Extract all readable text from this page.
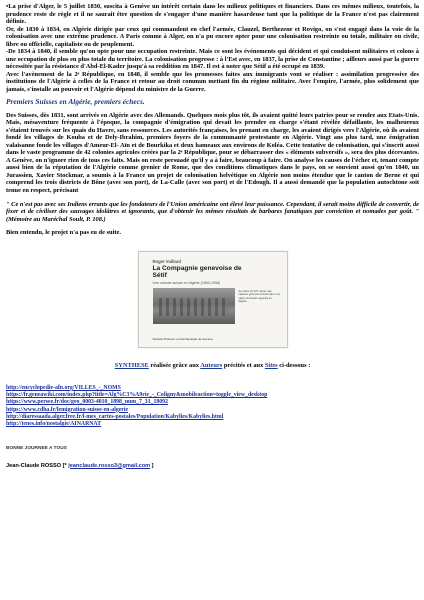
•La prise d'Alger, le 5 juillet 1830, suscita à Genève un intérêt certain dans les milieux politiques et financiers. Dans ces mêmes milieux, toutefois, la prudence reste de règle et il ne saurait être question de s'engager d'une manière hasardeuse tant que la politique de la France n'est pas clairement définie.

Or, de 1830 à 1834, en Algérie dirigée par ceux qui commandent en chef l'armée, Clauzel, Berthezene et Rovigo, on s'est engagé dans la voie de la colonisation avec une extrême prudence. A Paris comme à Alger, on n'a pu encore opter pour une colonisation restreinte ou totale, militaire ou civile, libre ou officielle, capitaliste ou de peuplement.

-De 1834 à 1840, il semble qu'on opte pour une occupation restreinte. Mais ce sont les événements qui décident et qui conduisent militaires et colons à une occupation de plus en plus totale du territoire. La colonisation progresse : à l'Est avec, en 1837, la prise de Constantine ; ailleurs aussi par la guerre nécessitée par la résistance d'Abd-El-Kader jusqu'à sa reddition en 1847. Il est à noter que Sétif a été occupé en 1839.

Avec l'avènement de la 2ᵉ République, en 1848, il semble que les promesses faites aux immigrants vont se réaliser : assimilation progressive des institutions de l'Algérie à celles de la France et retour au droit commun mettant fin du régime militaire. Avec l'empire, l'armée, plus solidement que jamais, s'installe au pouvoir et l'Algérie dépend du ministre de la Guerre.

Premiers Suisses en Algérie, premiers échecs.

Des Suisses, dès 1831, sont arrivés en Algérie avec des Allemands. Quelques mois plus tôt, ils avaient quitté leurs patries pour se rendre aux Etats-Unis. Mais, mésaventure fréquente à l'époque, la compagnie d'émigration qui devait les prendre en charge s'étant révélée défaillante, les malheureux s'étaient trouvés sur les quais du Havre, sans ressources. Les autorités françaises, les prenant en charge, les avaient dirigés vers l'Algérie, où ils avaient fondé les villages de Kouba et de Dely-Ibrahim, premiers foyers de la communauté protestante en Algérie. Vingt ans plus tard, une émigration valaisanne fonde les villages d'Ameur-El- Aïn et de Bourkika et deux hameaux aux environs de Koléa. Cette tentative de colonisation, qui s'inscrit aussi dans le vaste programme de 42 colonies agricoles créées par la 2ᵉ République, pour se débarrasser des « éléments subversifs », sera des plus décevantes. A Genève, on n'ignore rien de tous ces faits. Mais on reste persuadé qu'il y a à faire, beaucoup à faire. On analyse les causes de l'échec et, tenant compte aussi bien de la réputation de l'Algérie comme grenier de Rome, que des conditions climatiques dans le pays, on se souvient aussi qu'en 1840, un Jurassien, Xavier Stockmar, a soumis à la France un projet de colonisation helvétique en Algérie non moins étendue que le canton de Berne et qui comprend les trois districts de Bône (avec son port), de La-Calle (avec son port) et de l'Edough. Il a aussi demandé que la population autochtone soit tenue en respect, précisant

" Ce n'est pas avec ses Indiens errants que les fondateurs de l'Union américaine ont élevé leur puissance. Cependant, il serait moins difficile de convertir, de fixer et de civiliser des sauvages idolâtres et ignorants, que d'obtenir les mêmes résultats de barbares fanatiques par conviction et nomades par goût. " (Mémoire au Maréchal Soult, P. 108.)

Bien entendu, le projet n'a pas eu de suite.

Roger Vuillard
La Compagnie genevoise de Sétif
Une colonie suisse en Algérie (1853-1956)
Au milieu du XIXᵉ siècle, des capitaux genevois investis dans une vaste concession agricole en Algérie…
Société d'histoire et d'archéologie de Genève
SYNTHESE réalisée grâce aux Auteurs précités et aux Sites ci-dessous :
http://encyclopedie-afn.org/VILLES_-_NOMS
https://fr.geneawiki.com/index.php?title=Alg%C3%A9rie_-_Coligny&mobileaction=toggle_view_desktop
https://www.persee.fr/doc/geo_0003-4010_1898_num_7_31_18092
https://www.cdha.fr/lemigration-suisse-en-algerie
http://diaressaada.alger.free.fr/l-mes_cartes-postales/Population/Kabylies/Kabylies.html
http://tenes.info/nostalgie/AINARNAT
BONNE JOURNEE A TOUS
Jean-Claude ROSSO [* jeanclaude.rosso3@gmail.com ]
